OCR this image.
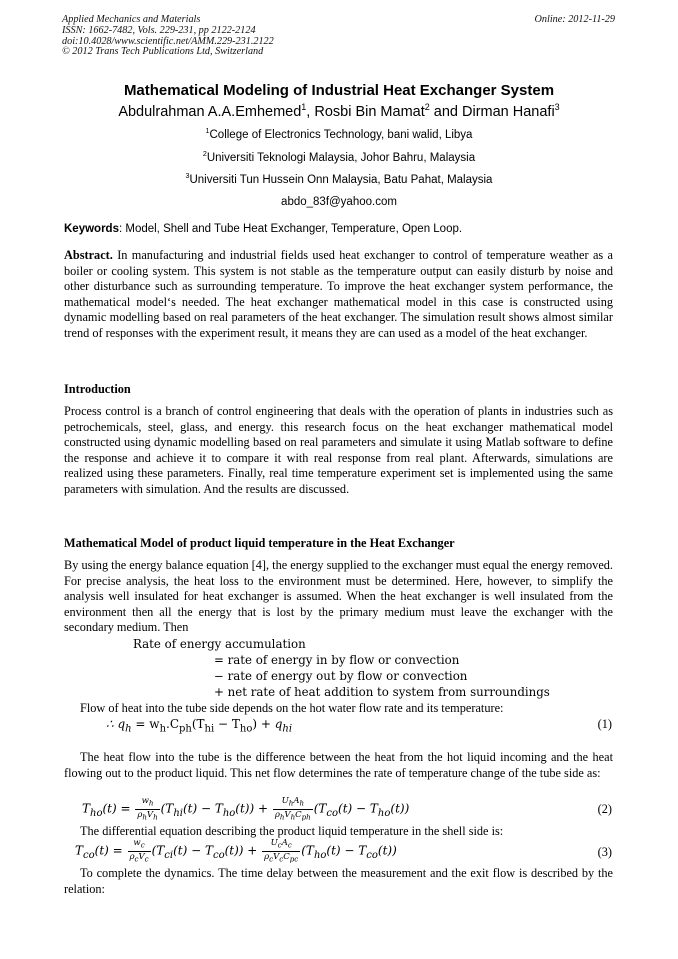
Applied Mechanics and Materials
ISSN: 1662-7482, Vols. 229-231, pp 2122-2124
doi:10.4028/www.scientific.net/AMM.229-231.2122
© 2012 Trans Tech Publications Ltd, Switzerland
Online: 2012-11-29
Mathematical Modeling of Industrial Heat Exchanger System
Abdulrahman A.A.Emhemed$^1$, Rosbi Bin Mamat$^2$ and Dirman Hanafi$^3$
$^1$College of Electronics Technology, bani walid, Libya
$^2$Universiti Teknologi Malaysia, Johor Bahru, Malaysia
$^3$Universiti Tun Hussein Onn Malaysia, Batu Pahat, Malaysia
abdo_83f@yahoo.com
Keywords: Model, Shell and Tube Heat Exchanger, Temperature, Open Loop.
Abstract. In manufacturing and industrial fields used heat exchanger to control of temperature weather as a boiler or cooling system. This system is not stable as the temperature output can easily disturb by noise and other disturbance such as surrounding temperature. To improve the heat exchanger system performance, the mathematical model‘s needed. The heat exchanger mathematical model in this case is constructed using dynamic modelling based on real parameters of the heat exchanger. The simulation result shows almost similar trend of responses with the experiment result, it means they are can used as a model of the heat exchanger.
Introduction
Process control is a branch of control engineering that deals with the operation of plants in industries such as petrochemicals, steel, glass, and energy. this research focus on the heat exchanger mathematical model constructed using dynamic modelling based on real parameters and simulate it using Matlab software to define the response and achieve it to compare it with real response from real plant. Afterwards, simulations are realized using these parameters. Finally, real time temperature experiment set is implemented using the same parameters with simulation. And the results are discussed.
Mathematical Model of product liquid temperature in the Heat Exchanger
By using the energy balance equation [4], the energy supplied to the exchanger must equal the energy removed. For precise analysis, the heat loss to the environment must be determined. Here, however, to simplify the analysis well insulated for heat exchanger is assumed. When the heat exchanger is well insulated from the environment then all the energy that is lost by the primary medium must leave the exchanger with the secondary medium. Then
Rate of energy accumulation
= rate of energy in by flow or convection
− rate of energy out by flow or convection
+ net rate of heat addition to system from surroundings
Flow of heat into the tube side depends on the hot water flow rate and its temperature:
∴ $q_h = w_h.C_{ph}(T_{hi} - T_{ho}) + q_{hi}$	(1)
The heat flow into the tube is the difference between the heat from the hot liquid incoming and the heat flowing out to the product liquid. This net flow determines the rate of temperature change of the tube side as:
$T_{ho}(t) = \frac{w_h}{\rho_hV_h} (T_{hi}(t) - T_{ho}(t)) + \frac{U_hA_h}{\rho_hV_hC_{ph}} (T_{co}(t) - T_{ho}(t))$	(2)
The differential equation describing the product liquid temperature in the shell side is:
$T_{co}(t) = \frac{w_c}{\rho_cV_c} (T_{ci}(t) - T_{co}(t)) + \frac{U_cA_c}{\rho_cV_cC_{pc}} (T_{ho}(t) - T_{co}(t))$	(3)
To complete the dynamics. The time delay between the measurement and the exit flow is described by the relation:
